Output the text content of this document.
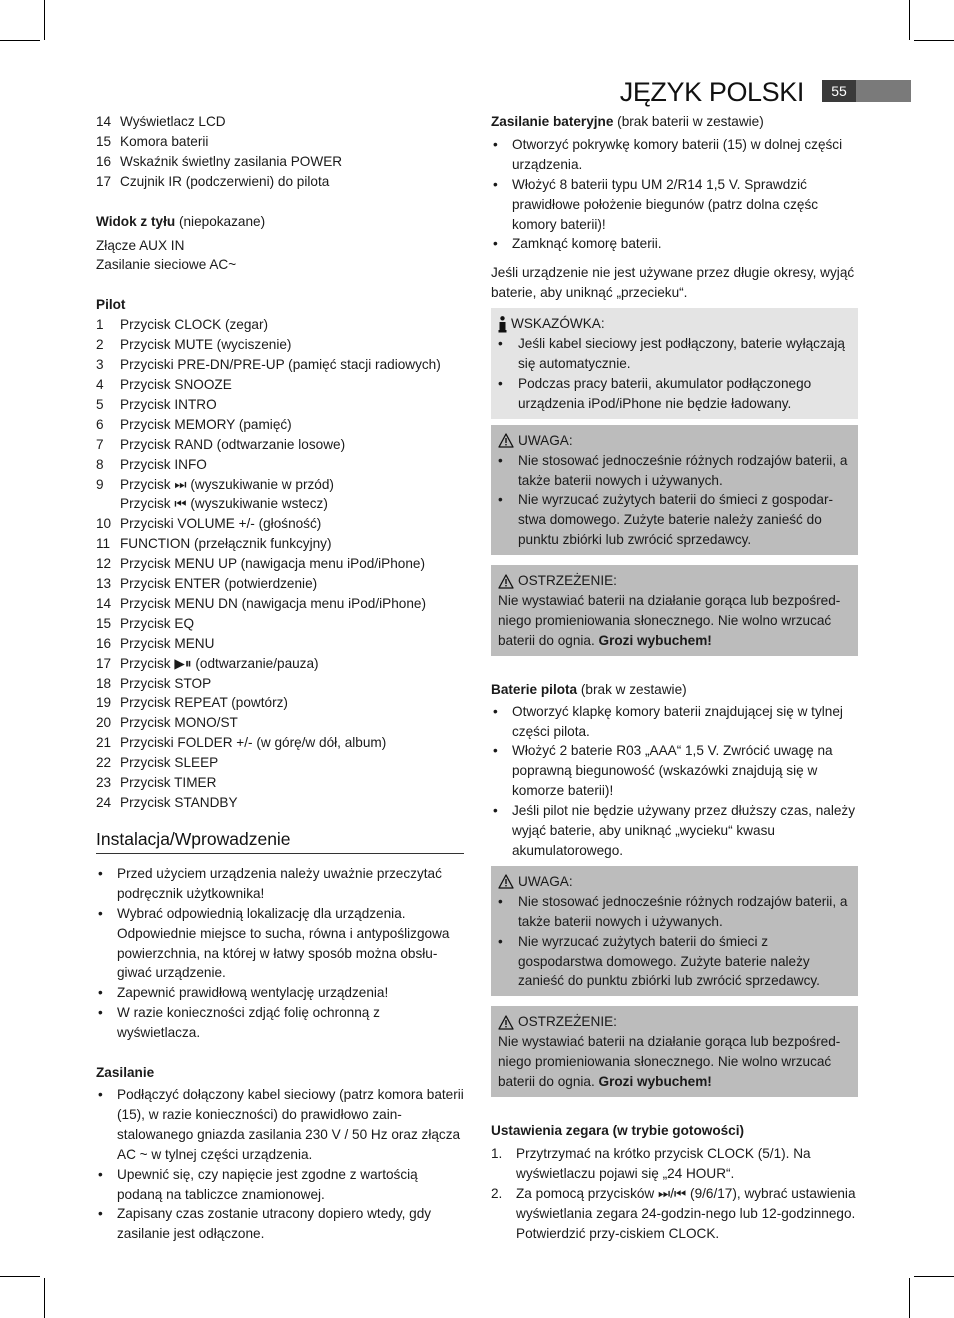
JĘZYK POLSKI	55
14 Wyświetlacz LCD
15 Komora baterii
16 Wskaźnik świetlny zasilania POWER
17 Czujnik IR (podczerwieni) do pilota

Widok z tyłu (niepokazane)

Złącze AUX IN

Zasilanie sieciowe AC~

Pilot

1	Przycisk CLOCK (zegar)
2	Przycisk MUTE (wyciszenie)
3	Przyciski PRE-DN/PRE-UP (pamięć stacji radiowych)
4	Przycisk SNOOZE
5	Przycisk INTRO
6	Przycisk MEMORY (pamięć)
7	Przycisk RAND (odtwarzanie losowe)
8	Przycisk INFO
9	Przycisk ⏭ (wyszukiwanie w przód)
Przycisk ⏮ (wyszukiwanie wstecz)
10 Przyciski VOLUME +/- (głośność)
11 FUNCTION (przełącznik funkcyjny)
12 Przycisk MENU UP (nawigacja menu iPod/iPhone)
13 Przycisk ENTER (potwierdzenie)
14 Przycisk MENU DN (nawigacja menu iPod/iPhone)
15 Przycisk EQ
16 Przycisk MENU
17 Przycisk ▶⏸ (odtwarzanie/pauza)
18 Przycisk STOP
19 Przycisk REPEAT (powtórz)
20 Przycisk MONO/ST
21 Przyciski FOLDER +/- (w górę/w dół, album)
22 Przycisk SLEEP
23 Przycisk TIMER
24 Przycisk STANDBY
Instalacja/Wprowadzenie
• Przed użyciem urządzenia należy uważnie przeczytać podręcznik użytkownika!
• Wybrać odpowiednią lokalizację dla urządzenia. Odpowiednie miejsce to sucha, równa i antypoślizgowa powierzchnia, na której w łatwy sposób można obsłu-giwać urządzenie.
• Zapewnić prawidłową wentylację urządzenia!
• W razie konieczności zdjąć folię ochronną z wyświetlacza.

Zasilanie

• Podłączyć dołączony kabel sieciowy (patrz komora baterii (15), w razie konieczności) do prawidłowo zain-stalowanego gniazda zasilania 230 V / 50 Hz oraz złącza AC ~ w tylnej części urządzenia.
• Upewnić się, czy napięcie jest zgodne z wartością podaną na tabliczce znamionowej.
• Zapisany czas zostanie utracony dopiero wtedy, gdy zasilanie jest odłączone.

Zasilanie bateryjne (brak baterii w zestawie)

• Otworzyć pokrywkę komory baterii (15) w dolnej części urządzenia.
• Włożyć 8 baterii typu UM 2/R14 1,5 V. Sprawdzić prawidłowe położenie biegunów (patrz dolna częśc komory baterii)!
• Zamknąć komorę baterii.

Jeśli urządzenie nie jest używane przez długie okresy, wyjąć baterie, aby uniknąć „przecieku“.

WSKAZÓWKA:
• Jeśli kabel sieciowy jest podłączony, baterie wyłączają się automatycznie.
• Podczas pracy baterii, akumulator podłączonego urządzenia iPod/iPhone nie będzie ładowany.
UWAGA:
• Nie stosować jednocześnie różnych rodzajów baterii, a także baterii nowych i używanych.
• Nie wyrzucać zużytych baterii do śmieci z gospodar-stwa domowego. Zużyte baterie należy zanieść do punktu zbiórki lub zwrócić sprzedawcy.
OSTRZEŻENIE:

Nie wystawiać baterii na działanie gorąca lub bezpośred-niego promieniowania słonecznego. Nie wolno wrzucać baterii do ognia. Grozi wybuchem!

Baterie pilota (brak w zestawie)

• Otworzyć klapkę komory baterii znajdującej się w tylnej części pilota.
• Włożyć 2 baterie R03 „AAA“ 1,5 V. Zwrócić uwagę na poprawną biegunowość (wskazówki znajdują się w komorze baterii)!
• Jeśli pilot nie będzie używany przez dłuższy czas, należy wyjąć baterie, aby uniknąć „wycieku“ kwasu akumulatorowego.
UWAGA:
• Nie stosować jednocześnie różnych rodzajów baterii, a także baterii nowych i używanych.
• Nie wyrzucać zużytych baterii do śmieci z gospodarstwa domowego. Zużyte baterie należy zanieść do punktu zbiórki lub zwrócić sprzedawcy.
OSTRZEŻENIE:

Nie wystawiać baterii na działanie gorąca lub bezpośred-niego promieniowania słonecznego. Nie wolno wrzucać baterii do ognia. Grozi wybuchem!

Ustawienia zegara (w trybie gotowości)

1. Przytrzymać na krótko przycisk CLOCK (5/1). Na wyświetlaczu pojawi się „24 HOUR“.
2. Za pomocą przycisków ⏭/⏮ (9/6/17), wybrać ustawienia wyświetlania zegara 24-godzin-nego lub 12-godzinnego. Potwierdzić przy-ciskiem CLOCK.
